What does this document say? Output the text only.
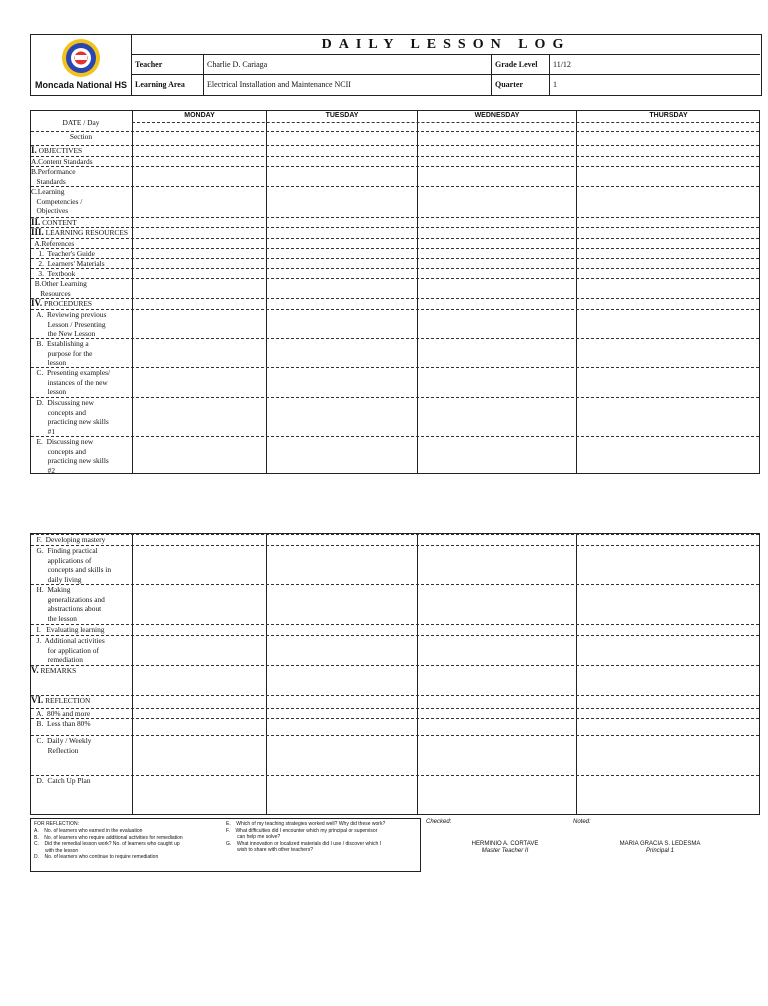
Moncada National HS
DAILY LESSON LOG
Teacher	Charlie D. Cariaga	Grade Level	11/12
Learning Area	Electrical Installation and Maintenance NCII	Quarter	1
MONDAY	TUESDAY	WEDNESDAY	THURSDAY
DATE / Day
Section
I. OBJECTIVES
A.Content Standards
B.Performance
Standards
C.Learning
Competencies /
Objectives
II. CONTENT
III. LEARNING RESOURCES
A.References
1.  Teacher's Guide
2.  Learners' Materials
3.  Textbook
B.Other Learning
Resources
IV. PROCEDURES
A.  Reviewing previous
Lesson / Presenting
the New Lesson
B.  Establishing a
purpose for the
lesson
C.  Presenting examples/
instances of the new
lesson
D.  Discussing new
concepts and
practicing new skills
#1
E.  Discussing new
concepts and
practicing new skills
#2
F.  Developing mastery
G.  Finding practical
applications of
concepts and skills in
daily living
H.  Making
generalizations and
abstractions about
the lesson
I.   Evaluating learning
J.  Additional activities
for application of
remediation
V. REMARKS
VI. REFLECTION
A.  80% and more
B.  Less than 80%
C.  Daily / Weekly
Reflection
D.  Catch Up Plan
FOR REFLECTION:
A.    No. of learners who earned in the evaluation
B.    No. of learners who require additional activities for remediation
C.    Did the remedial lesson work? No. of learners who caught up
with the lesson
D.    No. of learners who continue to require remediation
E.    Which of my teaching strategies worked well? Why did these work?
F.    What difficulties did I encounter which my principal or supervisor
can help me solve?
G.    What innovation or localized materials did I use / discover which I
wish to share with other teachers?
Checked:	Noted:
HERMINIO A. CORTAVE
Master Teacher II
MARIA GRACIA S. LEDESMA
Principal 1
